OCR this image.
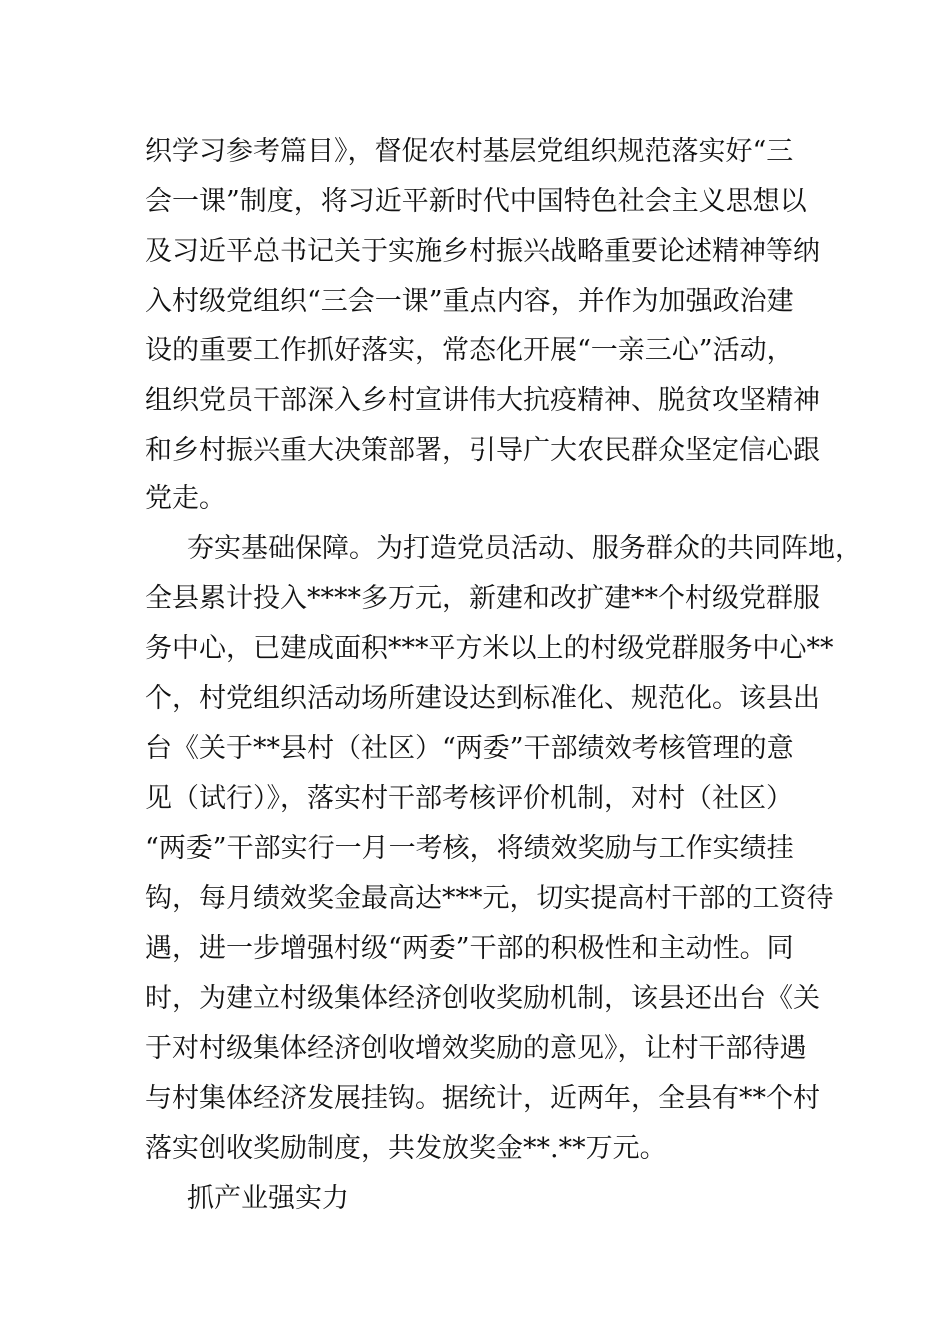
织学习参考篇目》，督促农村基层党组织规范落实好“三
会一课”制度，将习近平新时代中国特色社会主义思想以
及习近平总书记关于实施乡村振兴战略重要论述精神等纳
入村级党组织“三会一课”重点内容，并作为加强政治建
设的重要工作抓好落实，常态化开展“一亲三心”活动，
组织党员干部深入乡村宣讲伟大抗疫精神、脱贫攻坚精神
和乡村振兴重大决策部署，引导广大农民群众坚定信心跟
党走。
夯实基础保障。为打造党员活动、服务群众的共同阵地，
全县累计投入****多万元，新建和改扩建**个村级党群服
务中心，已建成面积***平方米以上的村级党群服务中心**
个，村党组织活动场所建设达到标准化、规范化。该县出
台《关于**县村（社区）“两委”干部绩效考核管理的意
见（试行）》，落实村干部考核评价机制，对村（社区）
“两委”干部实行一月一考核，将绩效奖励与工作实绩挂
钩，每月绩效奖金最高达***元，切实提高村干部的工资待
遇，进一步增强村级“两委”干部的积极性和主动性。同
时，为建立村级集体经济创收奖励机制，该县还出台《关
于对村级集体经济创收增效奖励的意见》，让村干部待遇
与村集体经济发展挂钩。据统计，近两年，全县有**个村
落实创收奖励制度，共发放奖金**.**万元。
抓产业强实力
